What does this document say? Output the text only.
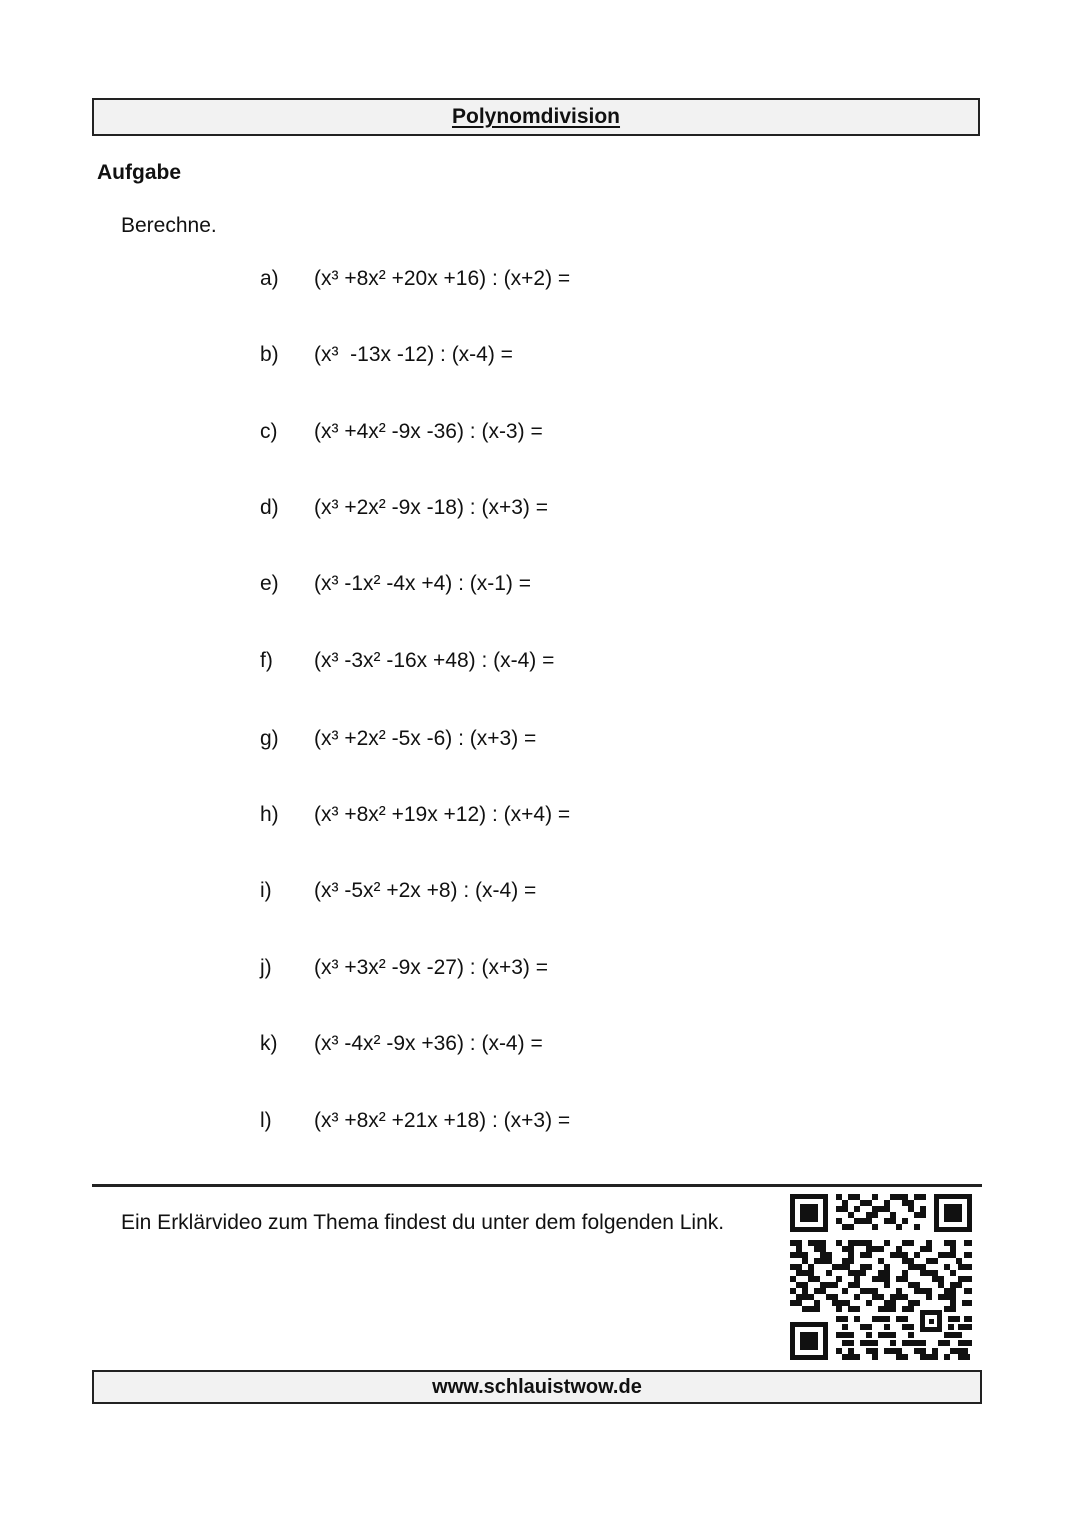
Polynomdivision
Aufgabe
Berechne.
a) (x³ +8x² +20x +16) : (x+2) =
b) (x³  -13x -12) : (x-4) =
c) (x³ +4x² -9x -36) : (x-3) =
d) (x³ +2x² -9x -18) : (x+3) =
e) (x³ -1x² -4x +4) : (x-1) =
f) (x³ -3x² -16x +48) : (x-4) =
g) (x³ +2x² -5x -6) : (x+3) =
h) (x³ +8x² +19x +12) : (x+4) =
i) (x³ -5x² +2x +8) : (x-4) =
j) (x³ +3x² -9x -27) : (x+3) =
k) (x³ -4x² -9x +36) : (x-4) =
l) (x³ +8x² +21x +18) : (x+3) =
Ein Erklärvideo zum Thema findest du unter dem folgenden Link.
www.schlauistwow.de
